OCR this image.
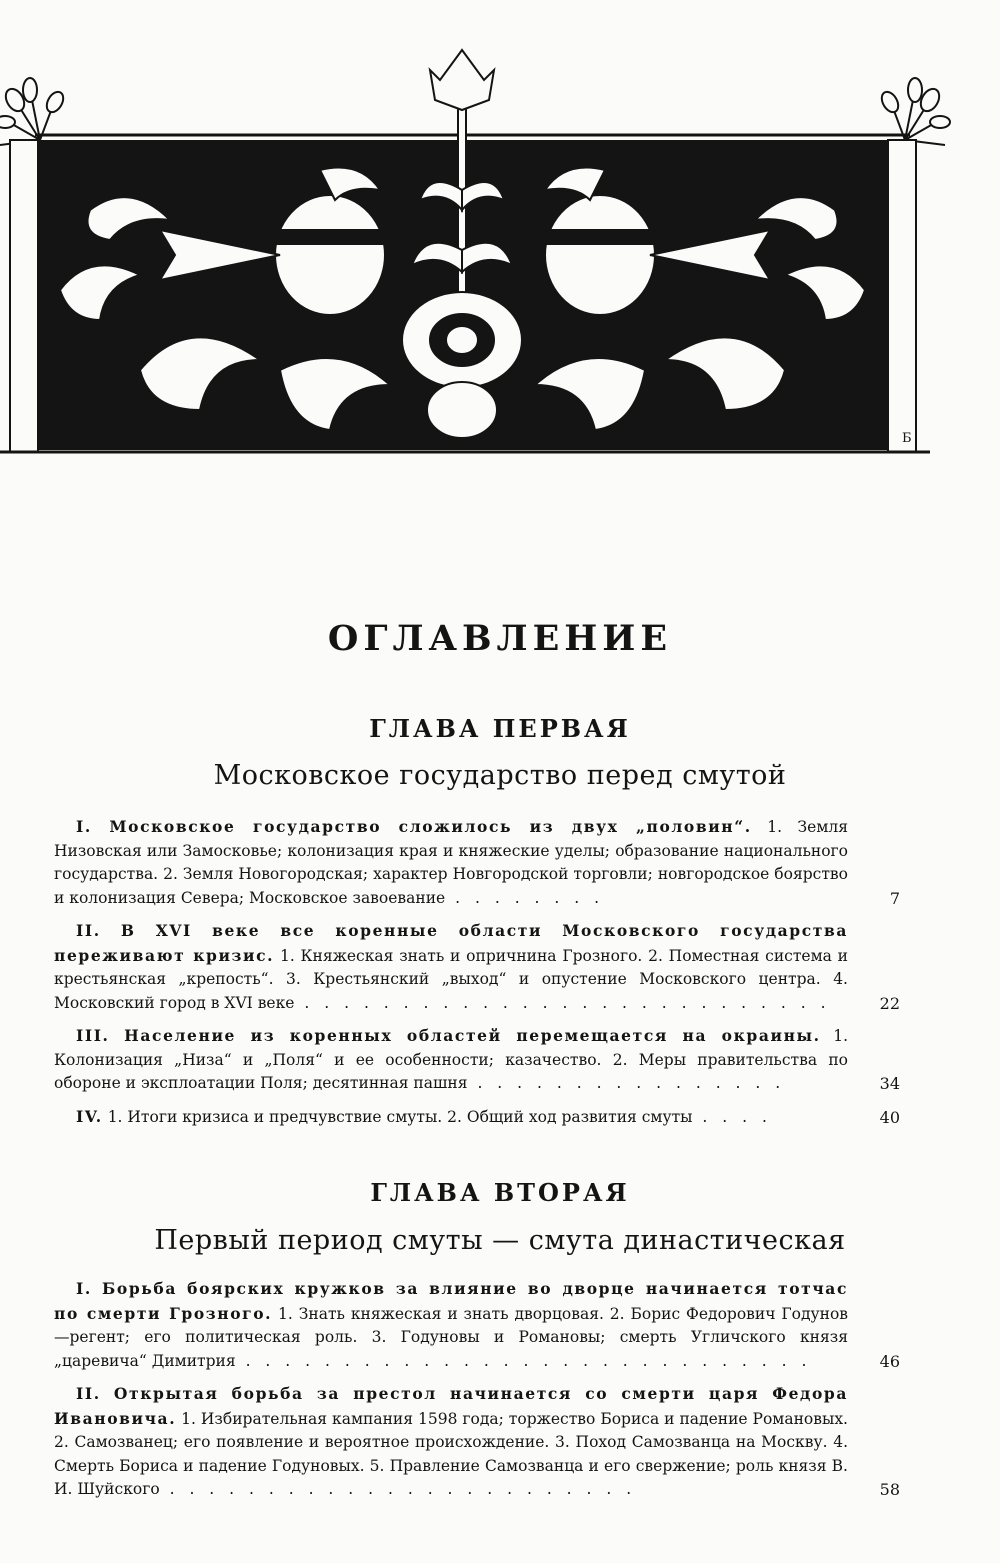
Б
ОГЛАВЛЕНИЕ
ГЛАВА ПЕРВАЯ
Московское государство перед смутой
I. Московское государство сложилось из двух „половин“. 1. Земля Низовская или Замосковье; колонизация края и княжеские уделы; образование национального государства. 2. Земля Новогородская; характер Новгородской торговли; новгородское боярство и колонизация Севера; Московское завоевание . . . . . . . .	7
II. В XVI веке все коренные области Московского государства переживают кризис. 1. Княжеская знать и опричнина Грозного. 2. Поместная система и крестьянская „крепость“. 3. Крестьянский „выход“ и опустение Московского центра. 4. Московский город в XVI веке . . . . . . . . . . . . . . . . . . . . . . . . . . .	22
III. Население из коренных областей перемещается на окраины. 1. Колонизация „Низа“ и „Поля“ и ее особенности; казачество. 2. Меры правительства по обороне и эксплоатации Поля; десятинная пашня . . . . . . . . . . . . . . . .	34
IV. 1. Итоги кризиса и предчувствие смуты. 2. Общий ход развития смуты . . . .	40
ГЛАВА ВТОРАЯ
Первый период смуты — смута династическая
I. Борьба боярских кружков за влияние во дворце начинается тотчас по смерти Грозного. 1. Знать княжеская и знать дворцовая. 2. Борис Федорович Годунов—регент; его политическая роль. 3. Годуновы и Романовы; смерть Угличского князя „царевича“ Димитрия . . . . . . . . . . . . . . . . . . . . . . . . . . . . .	46
II. Открытая борьба за престол начинается со смерти царя Федора Ивановича. 1. Избирательная кампания 1598 года; торжество Бориса и падение Романовых. 2. Самозванец; его появление и вероятное происхождение. 3. Поход Самозванца на Москву. 4. Смерть Бориса и падение Годуновых. 5. Правление Самозванца и его свержение; роль князя В. И. Шуйского . . . . . . . . . . . . . . . . . . . . . . . .	58
